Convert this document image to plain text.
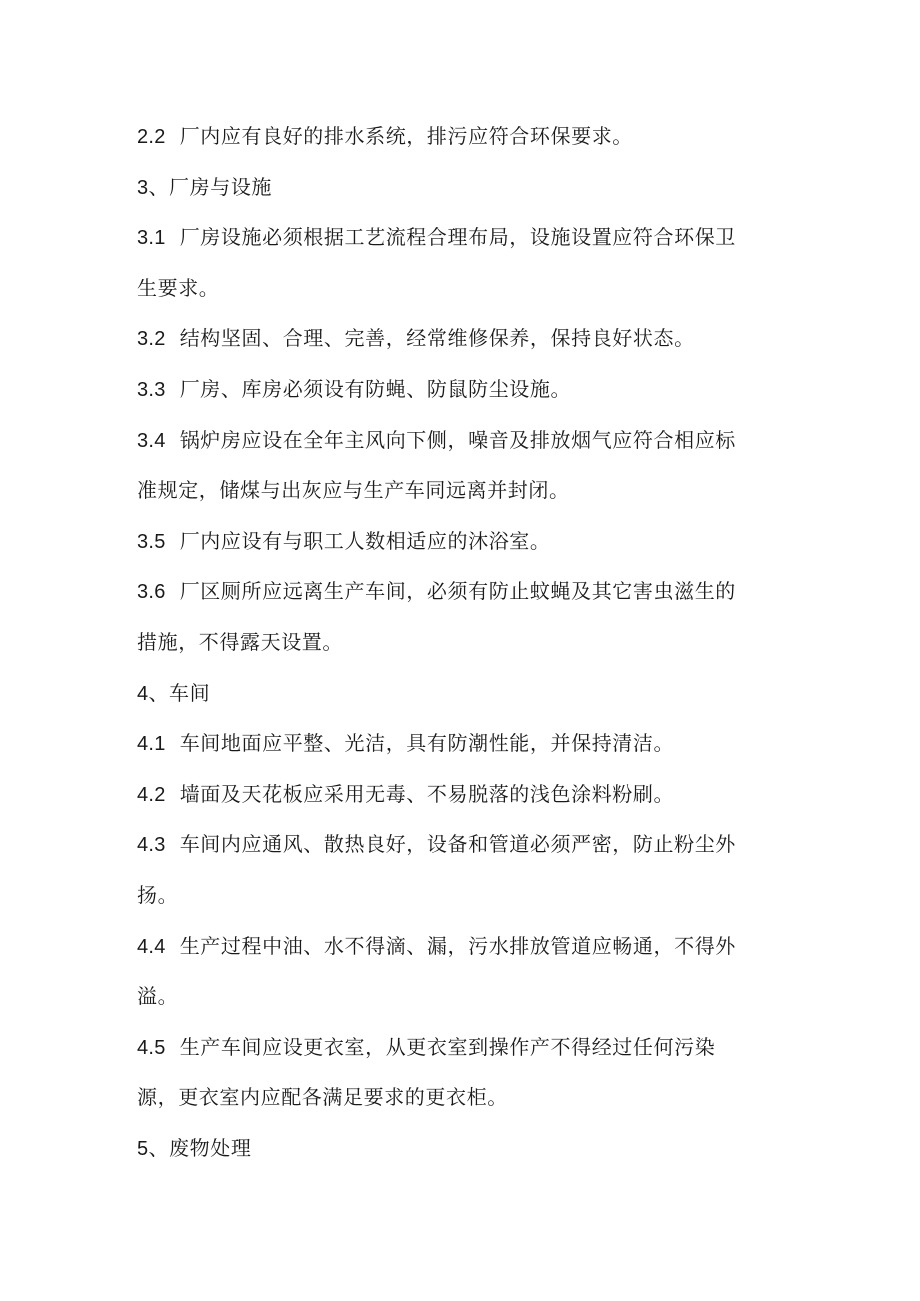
2.2 厂内应有良好的排水系统，排污应符合环保要求。
3、厂房与设施
3.1 厂房设施必须根据工艺流程合理布局，设施设置应符合环保卫
生要求。
3.2 结构坚固、合理、完善，经常维修保养，保持良好状态。
3.3 厂房、库房必须设有防蝇、防鼠防尘设施。
3.4 锅炉房应设在全年主风向下侧，噪音及排放烟气应符合相应标
准规定，储煤与出灰应与生产车同远离并封闭。
3.5 厂内应设有与职工人数相适应的沐浴室。
3.6 厂区厕所应远离生产车间，必须有防止蚊蝇及其它害虫滋生的
措施，不得露天设置。
4、车间
4.1 车间地面应平整、光洁，具有防潮性能，并保持清洁。
4.2 墙面及天花板应采用无毒、不易脱落的浅色涂料粉刷。
4.3 车间内应通风、散热良好，设备和管道必须严密，防止粉尘外
扬。
4.4 生产过程中油、水不得滴、漏，污水排放管道应畅通，不得外
溢。
4.5 生产车间应设更衣室，从更衣室到操作产不得经过任何污染
源，更衣室内应配各满足要求的更衣柜。
5、废物处理
